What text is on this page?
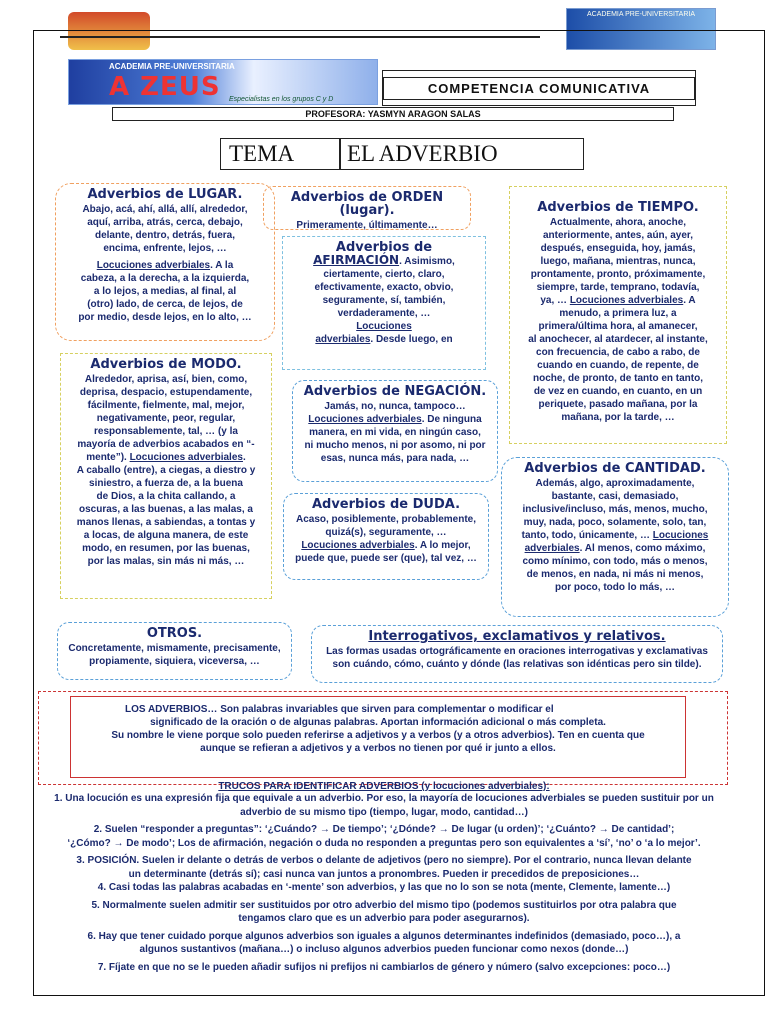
ACADEMIA PRE-UNIVERSITARIA
ACADEMIA PRE-UNIVERSITARIA
A ZEUS Especialistas en los grupos C y D
COMPETENCIA COMUNICATIVA
PROFESORA: YASMYN ARAGON SALAS
TEMA EL ADVERBIO
Adverbios de LUGAR.
Abajo, acá, ahí, allá, allí, alrededor,
aquí, arriba, atrás, cerca, debajo,
delante, dentro, detrás, fuera,
encima, enfrente, lejos, …
Locuciones adverbiales. A la
cabeza, a la derecha, a la izquierda,
a lo lejos, a medias, al final, al
(otro) lado, de cerca, de lejos, de
por medio, desde lejos, en lo alto, …
Adverbios de ORDEN (lugar).
Primeramente, últimamente…
Adverbios de TIEMPO.
Actualmente, ahora, anoche,
anteriormente, antes, aún, ayer,
después, enseguida, hoy, jamás,
luego, mañana, mientras, nunca,
prontamente, pronto, próximamente,
siempre, tarde, temprano, todavía,
ya, … Locuciones adverbiales. A
menudo, a primera luz, a
primera/última hora, al amanecer,
al anochecer, al atardecer, al instante,
con frecuencia, de cabo a rabo, de
cuando en cuando, de repente, de
noche, de pronto, de tanto en tanto,
de vez en cuando, en cuanto, en un
periquete, pasado mañana, por la
mañana, por la tarde, …
Adverbios de
AFIRMACIÓN. Asimismo,
ciertamente, cierto, claro,
efectivamente, exacto, obvio,
seguramente, sí, también,
verdaderamente, …
Locuciones
adverbiales. Desde luego, en
Adverbios de MODO.
Alrededor, aprisa, así, bien, como,
deprisa, despacio, estupendamente,
fácilmente, fielmente, mal, mejor,
negativamente, peor, regular,
responsablemente, tal, … (y la
mayoría de adverbios acabados en “-
mente”). Locuciones adverbiales.
A caballo (entre), a ciegas, a diestro y
siniestro, a fuerza de, a la buena
de Dios, a la chita callando, a
oscuras, a las buenas, a las malas, a
manos llenas, a sabiendas, a tontas y
a locas, de alguna manera, de este
modo, en resumen, por las buenas,
por las malas, sin más ni más, …
Adverbios de NEGACIÓN.
Jamás, no, nunca, tampoco…
Locuciones adverbiales. De ninguna
manera, en mi vida, en ningún caso,
ni mucho menos, ni por asomo, ni por
esas, nunca más, para nada, …
Adverbios de CANTIDAD.
Además, algo, aproximadamente,
bastante, casi, demasiado,
inclusive/incluso, más, menos, mucho,
muy, nada, poco, solamente, solo, tan,
tanto, todo, únicamente, … Locuciones adverbiales. Al menos, como máximo,
como mínimo, con todo, más o menos,
de menos, en nada, ni más ni menos,
por poco, todo lo más, …
Adverbios de DUDA.
Acaso, posiblemente, probablemente,
quizá(s), seguramente, …
Locuciones adverbiales. A lo mejor,
puede que, puede ser (que), tal vez, …
OTROS.
Concretamente, mismamente, precisamente,
propiamente, siquiera, viceversa, …
Interrogativos, exclamativos y relativos.
Las formas usadas ortográficamente en oraciones interrogativas y exclamativas
son cuándo, cómo, cuánto y dónde (las relativas son idénticas pero sin tilde).
LOS ADVERBIOS… Son palabras invariables que sirven para complementar o modificar el
significado de la oración o de algunas palabras. Aportan información adicional o más completa.
Su nombre le viene porque solo pueden referirse a adjetivos y a verbos (y a otros adverbios). Ten en cuenta que
aunque se refieran a adjetivos y a verbos no tienen por qué ir junto a ellos.
TRUCOS PARA IDENTIFICAR ADVERBIOS (y locuciones adverbiales):
1. Una locución es una expresión fija que equivale a un adverbio. Por eso, la mayoría de locuciones adverbiales se pueden sustituir por un
adverbio de su mismo tipo (tiempo, lugar, modo, cantidad…)
2. Suelen “responder a preguntas”: ‘¿Cuándo? → De tiempo’; ‘¿Dónde? → De lugar (u orden)’; ‘¿Cuánto? → De cantidad’;
‘¿Cómo? → De modo’; Los de afirmación, negación o duda no responden a preguntas pero son equivalentes a ‘sí’, ‘no’ o ‘a lo mejor’.
3. POSICIÓN. Suelen ir delante o detrás de verbos o delante de adjetivos (pero no siempre). Por el contrario, nunca llevan delante
un determinante (detrás sí); casi nunca van juntos a pronombres. Pueden ir precedidos de preposiciones…
4. Casi todas las palabras acabadas en ‘-mente’ son adverbios, y las que no lo son se nota (mente, Clemente, lamente…)
5. Normalmente suelen admitir ser sustituidos por otro adverbio del mismo tipo (podemos sustituirlos por otra palabra que
tengamos claro que es un adverbio para poder asegurarnos).
6. Hay que tener cuidado porque algunos adverbios son iguales a algunos determinantes indefinidos (demasiado, poco…), a
algunos sustantivos (mañana…) o incluso algunos adverbios pueden funcionar como nexos (donde…)
7. Fíjate en que no se le pueden añadir sufijos ni prefijos ni cambiarlos de género y número (salvo excepciones: poco…)
